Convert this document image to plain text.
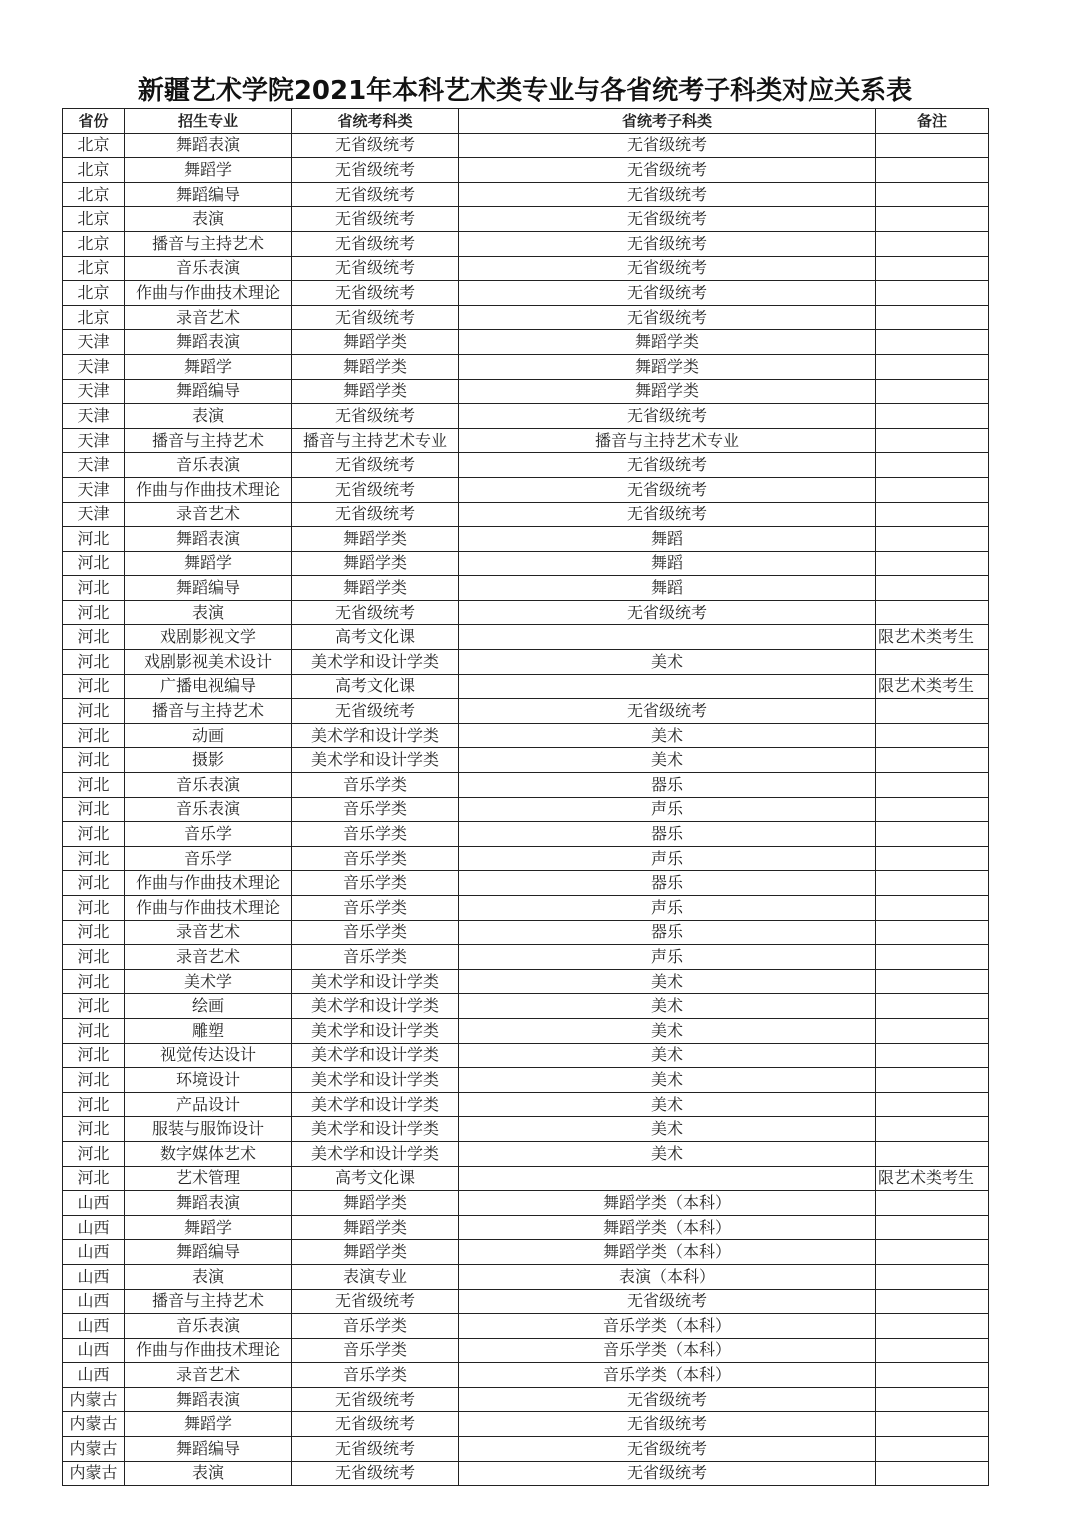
新疆艺术学院2021年本科艺术类专业与各省统考子科类对应关系表
省份	招生专业	省统考科类	省统考子科类	备注
北京	舞蹈表演	无省级统考	无省级统考	
北京	舞蹈学	无省级统考	无省级统考	
北京	舞蹈编导	无省级统考	无省级统考	
北京	表演	无省级统考	无省级统考	
北京	播音与主持艺术	无省级统考	无省级统考	
北京	音乐表演	无省级统考	无省级统考	
北京	作曲与作曲技术理论	无省级统考	无省级统考	
北京	录音艺术	无省级统考	无省级统考	
天津	舞蹈表演	舞蹈学类	舞蹈学类	
天津	舞蹈学	舞蹈学类	舞蹈学类	
天津	舞蹈编导	舞蹈学类	舞蹈学类	
天津	表演	无省级统考	无省级统考	
天津	播音与主持艺术	播音与主持艺术专业	播音与主持艺术专业	
天津	音乐表演	无省级统考	无省级统考	
天津	作曲与作曲技术理论	无省级统考	无省级统考	
天津	录音艺术	无省级统考	无省级统考	
河北	舞蹈表演	舞蹈学类	舞蹈	
河北	舞蹈学	舞蹈学类	舞蹈	
河北	舞蹈编导	舞蹈学类	舞蹈	
河北	表演	无省级统考	无省级统考	
河北	戏剧影视文学	高考文化课		限艺术类考生
河北	戏剧影视美术设计	美术学和设计学类	美术	
河北	广播电视编导	高考文化课		限艺术类考生
河北	播音与主持艺术	无省级统考	无省级统考	
河北	动画	美术学和设计学类	美术	
河北	摄影	美术学和设计学类	美术	
河北	音乐表演	音乐学类	器乐	
河北	音乐表演	音乐学类	声乐	
河北	音乐学	音乐学类	器乐	
河北	音乐学	音乐学类	声乐	
河北	作曲与作曲技术理论	音乐学类	器乐	
河北	作曲与作曲技术理论	音乐学类	声乐	
河北	录音艺术	音乐学类	器乐	
河北	录音艺术	音乐学类	声乐	
河北	美术学	美术学和设计学类	美术	
河北	绘画	美术学和设计学类	美术	
河北	雕塑	美术学和设计学类	美术	
河北	视觉传达设计	美术学和设计学类	美术	
河北	环境设计	美术学和设计学类	美术	
河北	产品设计	美术学和设计学类	美术	
河北	服装与服饰设计	美术学和设计学类	美术	
河北	数字媒体艺术	美术学和设计学类	美术	
河北	艺术管理	高考文化课		限艺术类考生
山西	舞蹈表演	舞蹈学类	舞蹈学类（本科）	
山西	舞蹈学	舞蹈学类	舞蹈学类（本科）	
山西	舞蹈编导	舞蹈学类	舞蹈学类（本科）	
山西	表演	表演专业	表演（本科）	
山西	播音与主持艺术	无省级统考	无省级统考	
山西	音乐表演	音乐学类	音乐学类（本科）	
山西	作曲与作曲技术理论	音乐学类	音乐学类（本科）	
山西	录音艺术	音乐学类	音乐学类（本科）	
内蒙古	舞蹈表演	无省级统考	无省级统考	
内蒙古	舞蹈学	无省级统考	无省级统考	
内蒙古	舞蹈编导	无省级统考	无省级统考	
内蒙古	表演	无省级统考	无省级统考	
